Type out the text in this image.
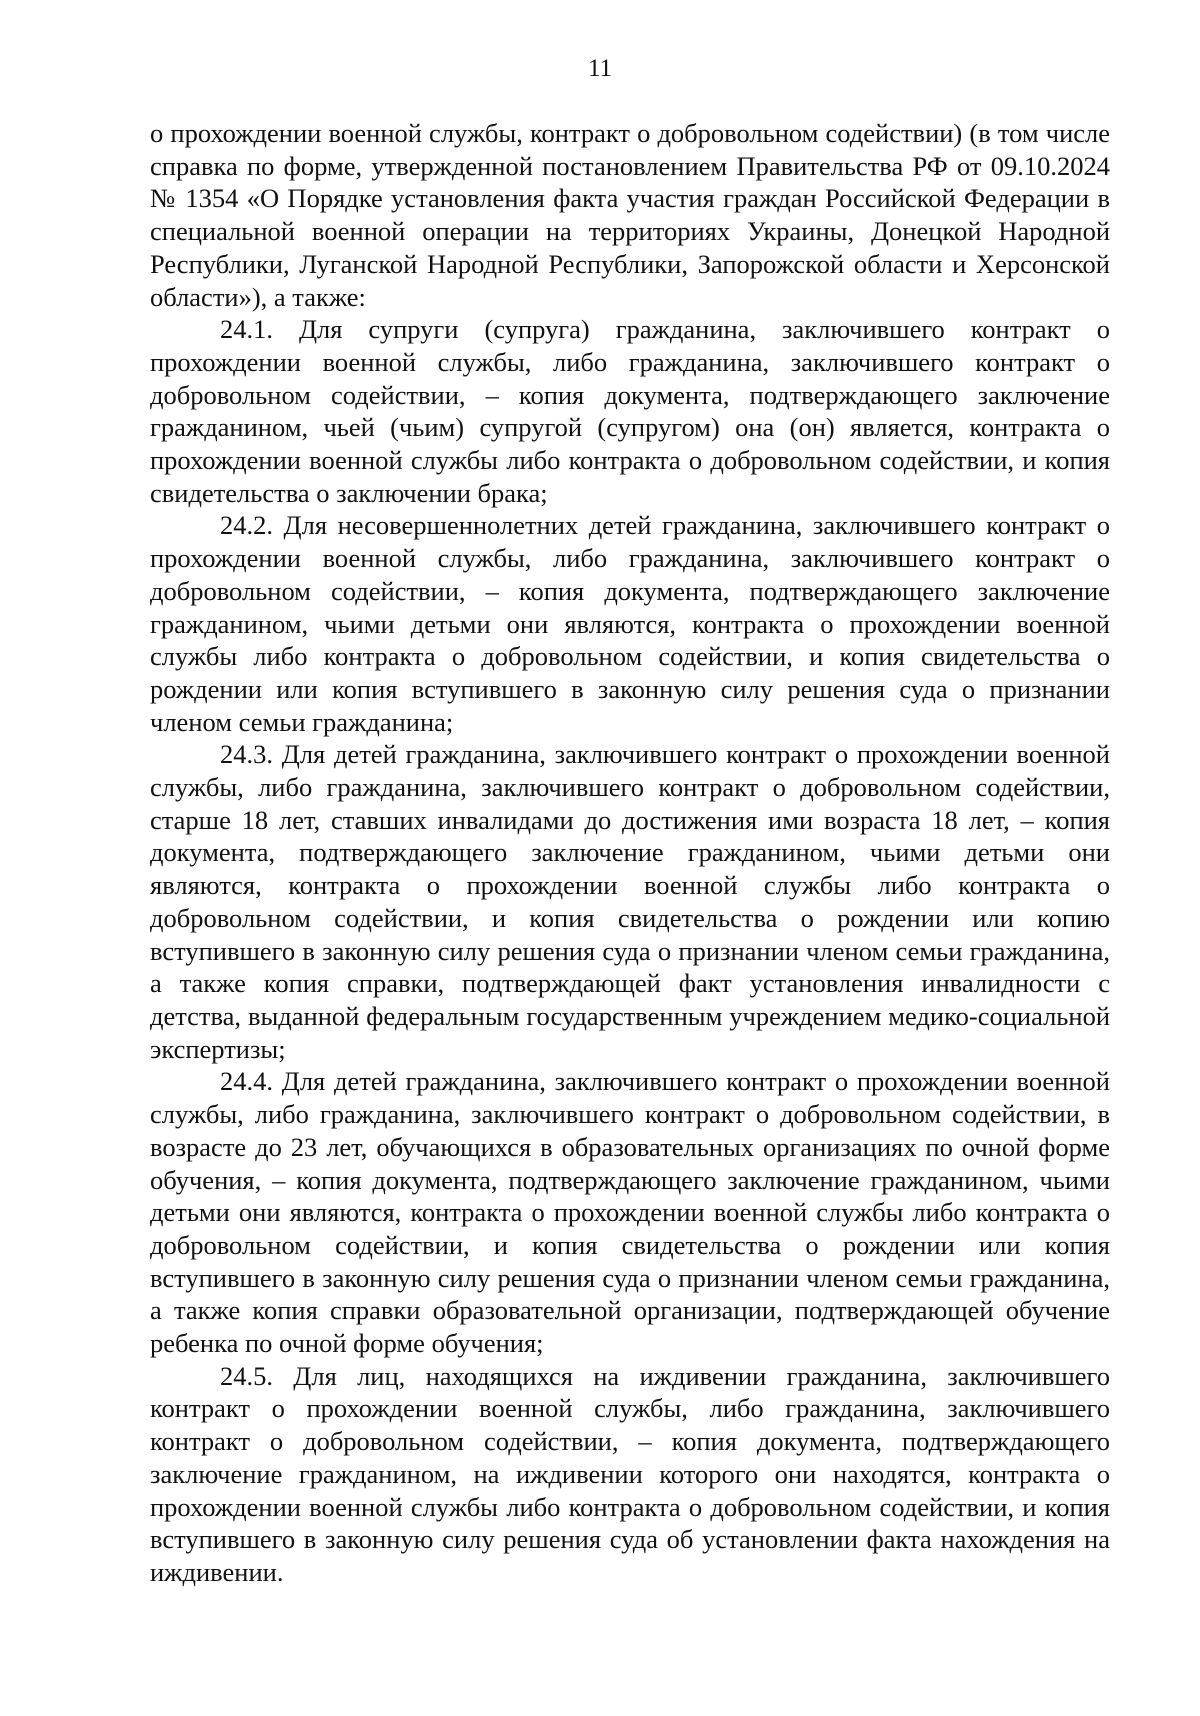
11

о прохождении военной службы, контракт о добровольном содействии) (в том числе справка по форме, утвержденной постановлением Правительства РФ от 09.10.2024 № 1354 «О Порядке установления факта участия граждан Российской Федерации в специальной военной операции на территориях Украины, Донецкой Народной Республики, Луганской Народной Республики, Запорожской области и Херсонской области»), а также:

24.1. Для супруги (супруга) гражданина, заключившего контракт о прохождении военной службы, либо гражданина, заключившего контракт о добровольном содействии, – копия документа, подтверждающего заключение гражданином, чьей (чьим) супругой (супругом) она (он) является, контракта о прохождении военной службы либо контракта о добровольном содействии, и копия свидетельства о заключении брака;

24.2. Для несовершеннолетних детей гражданина, заключившего контракт о прохождении военной службы, либо гражданина, заключившего контракт о добровольном содействии, – копия документа, подтверждающего заключение гражданином, чьими детьми они являются, контракта о прохождении военной службы либо контракта о добровольном содействии, и копия свидетельства о рождении или копия вступившего в законную силу решения суда о признании членом семьи гражданина;

24.3. Для детей гражданина, заключившего контракт о прохождении военной службы, либо гражданина, заключившего контракт о добровольном содействии, старше 18 лет, ставших инвалидами до достижения ими возраста 18 лет, – копия документа, подтверждающего заключение гражданином, чьими детьми они являются, контракта о прохождении военной службы либо контракта о добровольном содействии, и копия свидетельства о рождении или копию вступившего в законную силу решения суда о признании членом семьи гражданина, а также копия справки, подтверждающей факт установления инвалидности с детства, выданной федеральным государственным учреждением медико-социальной экспертизы;

24.4. Для детей гражданина, заключившего контракт о прохождении военной службы, либо гражданина, заключившего контракт о добровольном содействии, в возрасте до 23 лет, обучающихся в образовательных организациях по очной форме обучения, – копия документа, подтверждающего заключение гражданином, чьими детьми они являются, контракта о прохождении военной службы либо контракта о добровольном содействии, и копия свидетельства о рождении или копия вступившего в законную силу решения суда о признании членом семьи гражданина, а также копия справки образовательной организации, подтверждающей обучение ребенка по очной форме обучения;

24.5. Для лиц, находящихся на иждивении гражданина, заключившего контракт о прохождении военной службы, либо гражданина, заключившего контракт о добровольном содействии, – копия документа, подтверждающего заключение гражданином, на иждивении которого они находятся, контракта о прохождении военной службы либо контракта о добровольном содействии, и копия вступившего в законную силу решения суда об установлении факта нахождения на иждивении.
